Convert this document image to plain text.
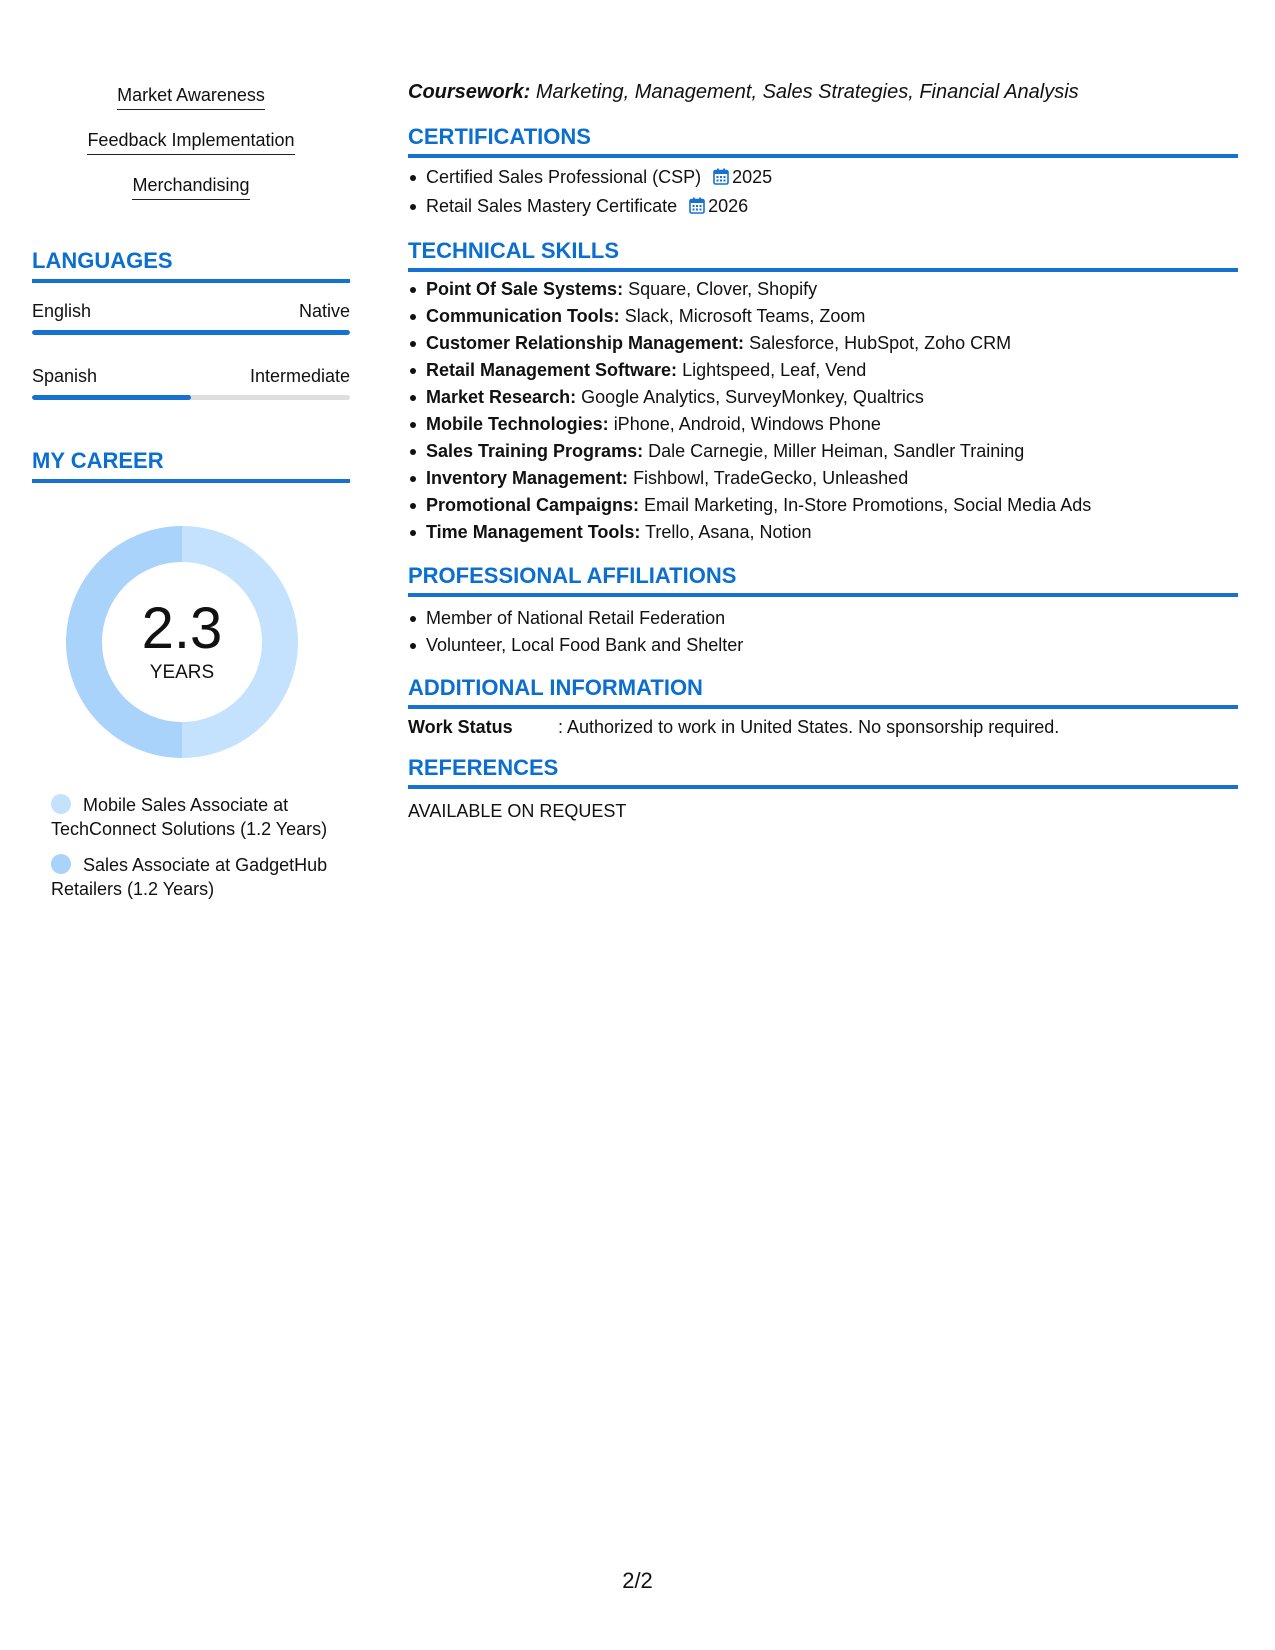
Market Awareness
Feedback Implementation
Merchandising
LANGUAGES
English	Native
Spanish	Intermediate
MY CAREER
2.3
YEARS
Mobile Sales Associate at TechConnect Solutions (1.2 Years)
Sales Associate at GadgetHub Retailers (1.2 Years)
Coursework: Marketing, Management, Sales Strategies, Financial Analysis
CERTIFICATIONS
Certified Sales Professional (CSP) 2025
Retail Sales Mastery Certificate 2026
TECHNICAL SKILLS
Point Of Sale Systems: Square, Clover, Shopify
Communication Tools: Slack, Microsoft Teams, Zoom
Customer Relationship Management: Salesforce, HubSpot, Zoho CRM
Retail Management Software: Lightspeed, Leaf, Vend
Market Research: Google Analytics, SurveyMonkey, Qualtrics
Mobile Technologies: iPhone, Android, Windows Phone
Sales Training Programs: Dale Carnegie, Miller Heiman, Sandler Training
Inventory Management: Fishbowl, TradeGecko, Unleashed
Promotional Campaigns: Email Marketing, In-Store Promotions, Social Media Ads
Time Management Tools: Trello, Asana, Notion
PROFESSIONAL AFFILIATIONS
Member of National Retail Federation
Volunteer, Local Food Bank and Shelter
ADDITIONAL INFORMATION
Work Status	: Authorized to work in United States. No sponsorship required.
REFERENCES
AVAILABLE ON REQUEST
2/2
